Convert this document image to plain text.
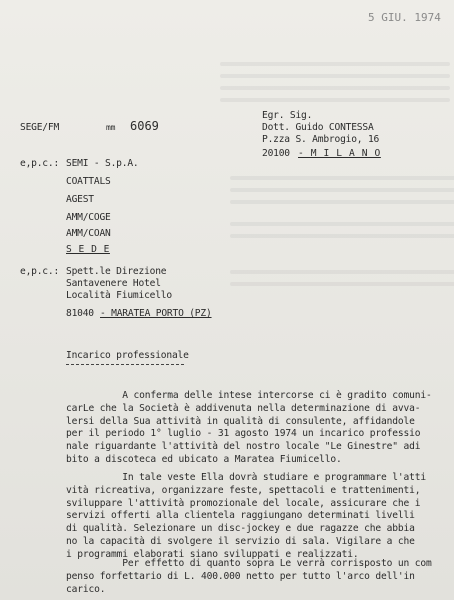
5 GIU. 1974
SEGE/FM	mm 6069
Egr. Sig.
Dott. Guido CONTESSA
P.zza S. Ambrogio, 16
20100 - M I L A N O
e,p.c.: SEMI - S.p.A.
COATTALS
AGEST
AMM/COGE
AMM/COAN
S E D E
e,p.c.: Spett.le Direzione
Santavenere Hotel
Località Fiumicello
81040 - MARATEA PORTO (PZ)
Incarico professionale
A conferma delle intese intercorse ci è gradito comuni-
carLe che la Società è addivenuta nella determinazione di avva-
lersi della Sua attività in qualità di consulente, affidandole
per il periodo 1° luglio - 31 agosto 1974 un incarico professio
nale riguardante l'attività del nostro locale "Le Ginestre" adi
bito a discoteca ed ubicato a Maratea Fiumicello.
In tale veste Ella dovrà studiare e programmare l'atti
vità ricreativa, organizzare feste, spettacoli e trattenimenti,
sviluppare l'attività promozionale del locale, assicurare che i
servizi offerti alla clientela raggiungano determinati livelli
di qualità. Selezionare un disc-jockey e due ragazze che abbia
no la capacità di svolgere il servizio di sala. Vigilare a che
i programmi elaborati siano sviluppati e realizzati.
Per effetto di quanto sopra Le verrà corrisposto un com
penso forfettario di L. 400.000 netto per tutto l'arco dell'in
carico.
